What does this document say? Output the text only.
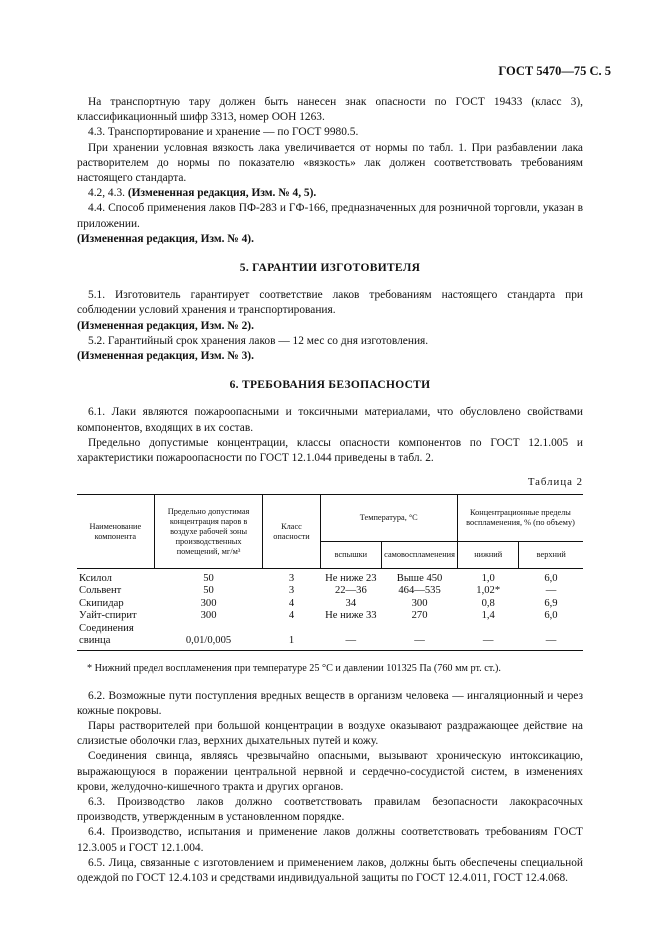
ГОСТ 5470—75 С. 5

На транспортную тару должен быть нанесен знак опасности по ГОСТ 19433 (класс 3), классификационный шифр 3313, номер ООН 1263.

4.3. Транспортирование и хранение — по ГОСТ 9980.5.

При хранении условная вязкость лака увеличивается от нормы по табл. 1. При разбавлении лака растворителем до нормы по показателю «вязкость» лак должен соответствовать требованиям настоящего стандарта.

4.2, 4.3. (Измененная редакция, Изм. № 4, 5).

4.4. Способ применения лаков ПФ-283 и ГФ-166, предназначенных для розничной торговли, указан в приложении.

(Измененная редакция, Изм. № 4).

5. ГАРАНТИИ ИЗГОТОВИТЕЛЯ

5.1. Изготовитель гарантирует соответствие лаков требованиям настоящего стандарта при соблюдении условий хранения и транспортирования.

(Измененная редакция, Изм. № 2).

5.2. Гарантийный срок хранения лаков — 12 мес со дня изготовления.

(Измененная редакция, Изм. № 3).

6. ТРЕБОВАНИЯ БЕЗОПАСНОСТИ

6.1. Лаки являются пожароопасными и токсичными материалами, что обусловлено свойствами компонентов, входящих в их состав.

Предельно допустимые концентрации, классы опасности компонентов по ГОСТ 12.1.005 и характеристики пожароопасности по ГОСТ 12.1.044 приведены в табл. 2.

Таблица 2
Наименование компонента	Предельно допустимая концентрация паров в воздухе рабочей зоны производственных помещений, мг/м³	Класс опасности	Температура, °С		Концентрационные пределы воспламенения, % (по объему)	
			вспышки	самовоспламенения	нижний	верхний

Ксилол	50	3	Не ниже 23	Выше 450	1,0	6,0
Сольвент	50	3	22—36	464—535	1,02*	—
Скипидар	300	4	34	300	0,8	6,9
Уайт-спирит	300	4	Не ниже 33	270	1,4	6,0
Соединения						
свинца	0,01/0,005	1	—	—	—	—

* Нижний предел воспламенения при температуре 25 °С и давлении 101325 Па (760 мм рт. ст.).

6.2. Возможные пути поступления вредных веществ в организм человека — ингаляционный и через кожные покровы.

Пары растворителей при большой концентрации в воздухе оказывают раздражающее действие на слизистые оболочки глаз, верхних дыхательных путей и кожу.

Соединения свинца, являясь чрезвычайно опасными, вызывают хроническую интоксикацию, выражающуюся в поражении центральной нервной и сердечно-сосудистой систем, в изменениях крови, желудочно-кишечного тракта и других органов.

6.3. Производство лаков должно соответствовать правилам безопасности лакокрасочных производств, утвержденным в установленном порядке.

6.4. Производство, испытания и применение лаков должны соответствовать требованиям ГОСТ 12.3.005 и ГОСТ 12.1.004.

6.5. Лица, связанные с изготовлением и применением лаков, должны быть обеспечены специальной одеждой по ГОСТ 12.4.103 и средствами индивидуальной защиты по ГОСТ 12.4.011, ГОСТ 12.4.068.
